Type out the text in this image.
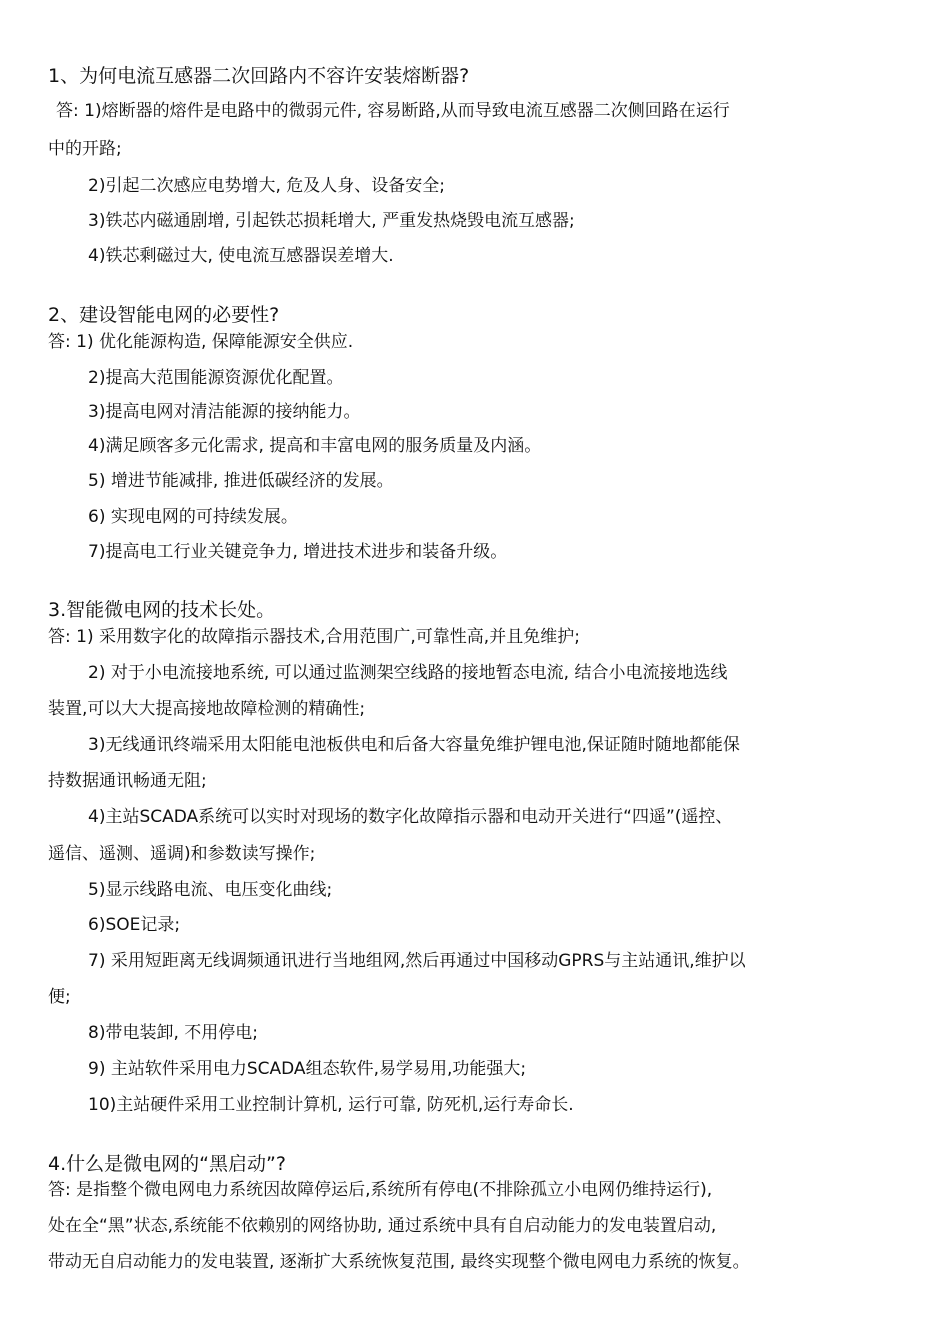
1、为何电流互感器二次回路内不容许安装熔断器?
答: 1)熔断器的熔件是电路中的微弱元件, 容易断路,从而导致电流互感器二次侧回路在运行
中的开路;
2)引起二次感应电势增大, 危及人身、设备安全;
3)铁芯内磁通剧增, 引起铁芯损耗增大, 严重发热烧毁电流互感器;
4)铁芯剩磁过大, 使电流互感器误差增大.
2、建设智能电网的必要性?
答: 1) 优化能源构造, 保障能源安全供应.
2)提高大范围能源资源优化配置。
3)提高电网对清洁能源的接纳能力。
4)满足顾客多元化需求, 提高和丰富电网的服务质量及内涵。
5) 增进节能减排, 推进低碳经济的发展。
6) 实现电网的可持续发展。
7)提高电工行业关键竞争力, 增进技术进步和装备升级。
3.智能微电网的技术长处。
答: 1) 采用数字化的故障指示器技术,合用范围广,可靠性高,并且免维护;
2) 对于小电流接地系统, 可以通过监测架空线路的接地暂态电流, 结合小电流接地选线
装置,可以大大提高接地故障检测的精确性;
3)无线通讯终端采用太阳能电池板供电和后备大容量免维护锂电池,保证随时随地都能保
持数据通讯畅通无阻;
4)主站SCADA系统可以实时对现场的数字化故障指示器和电动开关进行“四遥”(遥控、
遥信、遥测、遥调)和参数读写操作;
5)显示线路电流、电压变化曲线;
6)SOE记录;
7) 采用短距离无线调频通讯进行当地组网,然后再通过中国移动GPRS与主站通讯,维护以
便;
8)带电装卸, 不用停电;
9) 主站软件采用电力SCADA组态软件,易学易用,功能强大;
10)主站硬件采用工业控制计算机, 运行可靠, 防死机,运行寿命长.
4.什么是微电网的“黑启动”?
答: 是指整个微电网电力系统因故障停运后,系统所有停电(不排除孤立小电网仍维持运行),
处在全“黑”状态,系统能不依赖别的网络协助, 通过系统中具有自启动能力的发电装置启动,
带动无自启动能力的发电装置, 逐渐扩大系统恢复范围, 最终实现整个微电网电力系统的恢复。
